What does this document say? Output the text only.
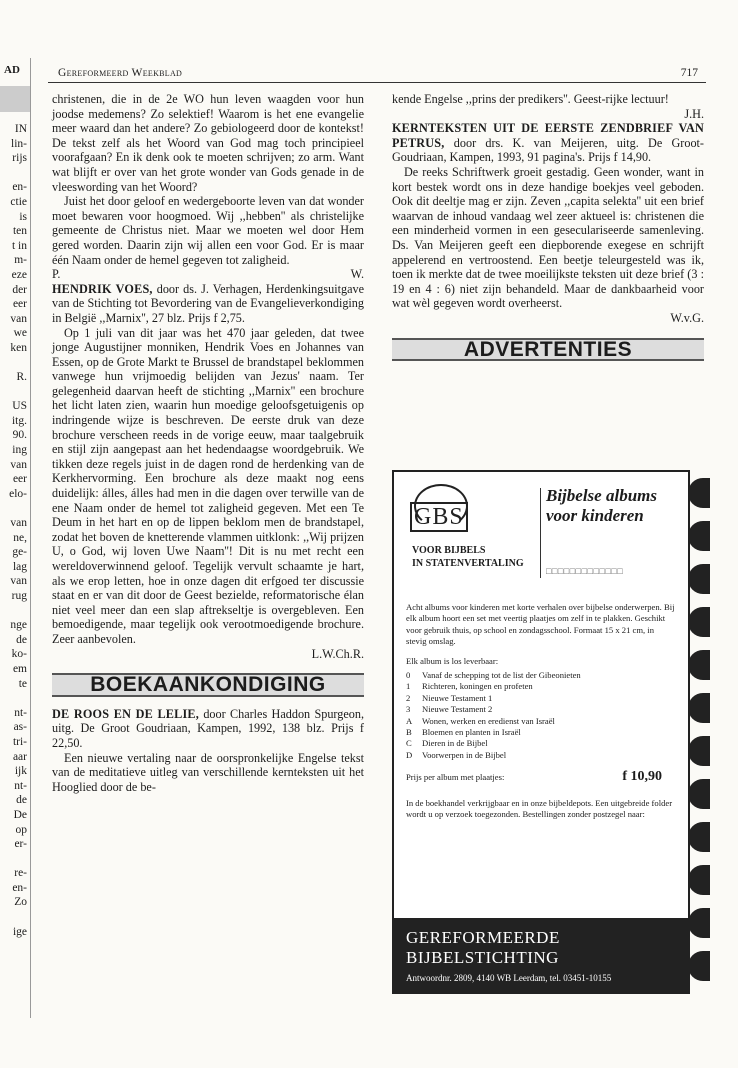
AD
IN
lin-
rijs

en-
ctie
is
ten
t in
m-
eze
der
eer
van
we
ken

R.

US
itg.
90.
ing
van
eer
elo-

van
ne,
ge-
lag
van
rug

nge
de
ko-
em
te

nt-
as-
tri-
aar
ijk
nt-
de
De
op
er-

re-
en-
Zo

ige
Gereformeerd Weekblad	717

christenen, die in de 2e WO hun leven waagden voor hun joodse medemens? Zo selektief! Waarom is het ene evangelie meer waard dan het andere? Zo gebiologeerd door de kontekst! De tekst zelf als het Woord van God mag toch principieel voorafgaan? En ik denk ook te moeten schrijven; zo arm. Want wat blijft er over van het grote wonder van Gods genade in de vleeswording van het Woord?

Juist het door geloof en wedergeboorte leven van dat wonder moet bewaren voor hoogmoed. Wij ,,hebben'' als christelijke gemeente de Christus niet. Maar we moeten wel door Hem gered worden. Daarin zijn wij allen een voor God. Er is maar één Naam onder de hemel gegeven tot zaligheid.

P.	W.

HENDRIK VOES, door ds. J. Verhagen, Herdenkingsuitgave van de Stichting tot Bevordering van de Evangelieverkondiging in België ,,Marnix'', 27 blz. Prijs f 2,75.

Op 1 juli van dit jaar was het 470 jaar geleden, dat twee jonge Augustijner monniken, Hendrik Voes en Johannes van Essen, op de Grote Markt te Brussel de brandstapel beklommen vanwege hun vrijmoedig belijden van Jezus' naam. Ter gelegenheid daarvan heeft de stichting ,,Marnix'' een brochure het licht laten zien, waarin hun moedige geloofsgetuigenis op indringende wijze is beschreven. De eerste druk van deze brochure verscheen reeds in de vorige eeuw, maar taalgebruik en stijl zijn aangepast aan het hedendaagse woordgebruik. We tikken deze regels juist in de dagen rond de herdenking van de Kerkhervorming. Een brochure als deze maakt nog eens duidelijk: álles, álles had men in die dagen over terwille van de ene Naam onder de hemel tot zaligheid gegeven. Met een Te Deum in het hart en op de lippen beklom men de brandstapel, zodat het boven de knetterende vlammen uitklonk: ,,Wij prijzen U, o God, wij loven Uwe Naam''! Dit is nu met recht een wereldoverwinnend geloof. Tegelijk vervult schaamte je hart, als we erop letten, hoe in onze dagen dit erfgoed ter discussie staat en er van dit door de Geest bezielde, reformatorische élan niet veel meer dan een slap aftrekseltje is overgebleven. Een bemoedigende, maar tegelijk ook verootmoedigende brochure. Zeer aanbevolen.

L.W.Ch.R.

BOEKAANKONDIGING

DE ROOS EN DE LELIE, door Charles Haddon Spurgeon, uitg. De Groot Goudriaan, Kampen, 1992, 138 blz. Prijs f 22,50.

Een nieuwe vertaling naar de oorspronkelijke Engelse tekst van de meditatieve uitleg van verschillende kernteksten uit het Hooglied door de be-

kende Engelse ,,prins der predikers''. Geest-rijke lectuur!

J.H.

KERNTEKSTEN UIT DE EERSTE ZENDBRIEF VAN PETRUS, door drs. K. van Meijeren, uitg. De Groot-Goudriaan, Kampen, 1993, 91 pagina's. Prijs f 14,90.

De reeks Schriftwerk groeit gestadig. Geen wonder, want in kort bestek wordt ons in deze handige boekjes veel geboden. Ook dit deeltje mag er zijn. Zeven ,,capita selekta'' uit een brief waarvan de inhoud vandaag wel zeer aktueel is: christenen die een minderheid vormen in een geseculariseerde samenleving. Ds. Van Meijeren geeft een diepborende exegese en schrijft appelerend en vertroostend. Een beetje teleurgesteld was ik, toen ik merkte dat de twee moeilijkste teksten uit deze brief (3 : 19 en 4 : 6) niet zijn behandeld. Maar de dankbaarheid voor wat wèl gegeven wordt overheerst.

W.v.G.

ADVERTENTIES
GBS
VOOR BIJBELS
IN STATENVERTALING
Bijbelse albums voor kinderen
□□□□□□□□□□□□□

Acht albums voor kinderen met korte verhalen over bijbelse onderwerpen. Bij elk album hoort een set met veertig plaatjes om zelf in te plakken. Geschikt voor gebruik thuis, op school en zondagsschool. Formaat 15 x 21 cm, in stevig omslag.

Elk album is los leverbaar:

0	Vanaf de schepping tot de list der Gibeonieten
1	Richteren, koningen en profeten
2	Nieuwe Testament 1
3	Nieuwe Testament 2
A	Wonen, werken en eredienst van Israël
B	Bloemen en planten in Israël
C	Dieren in de Bijbel
D	Voorwerpen in de Bijbel
Prijs per album met plaatjes:	f 10,90

In de boekhandel verkrijgbaar en in onze bijbeldepots. Een uitgebreide folder wordt u op verzoek toegezonden. Bestellingen zonder postzegel naar:

GEREFORMEERDE BIJBELSTICHTING
Antwoordnr. 2809, 4140 WB Leerdam, tel. 03451-10155
